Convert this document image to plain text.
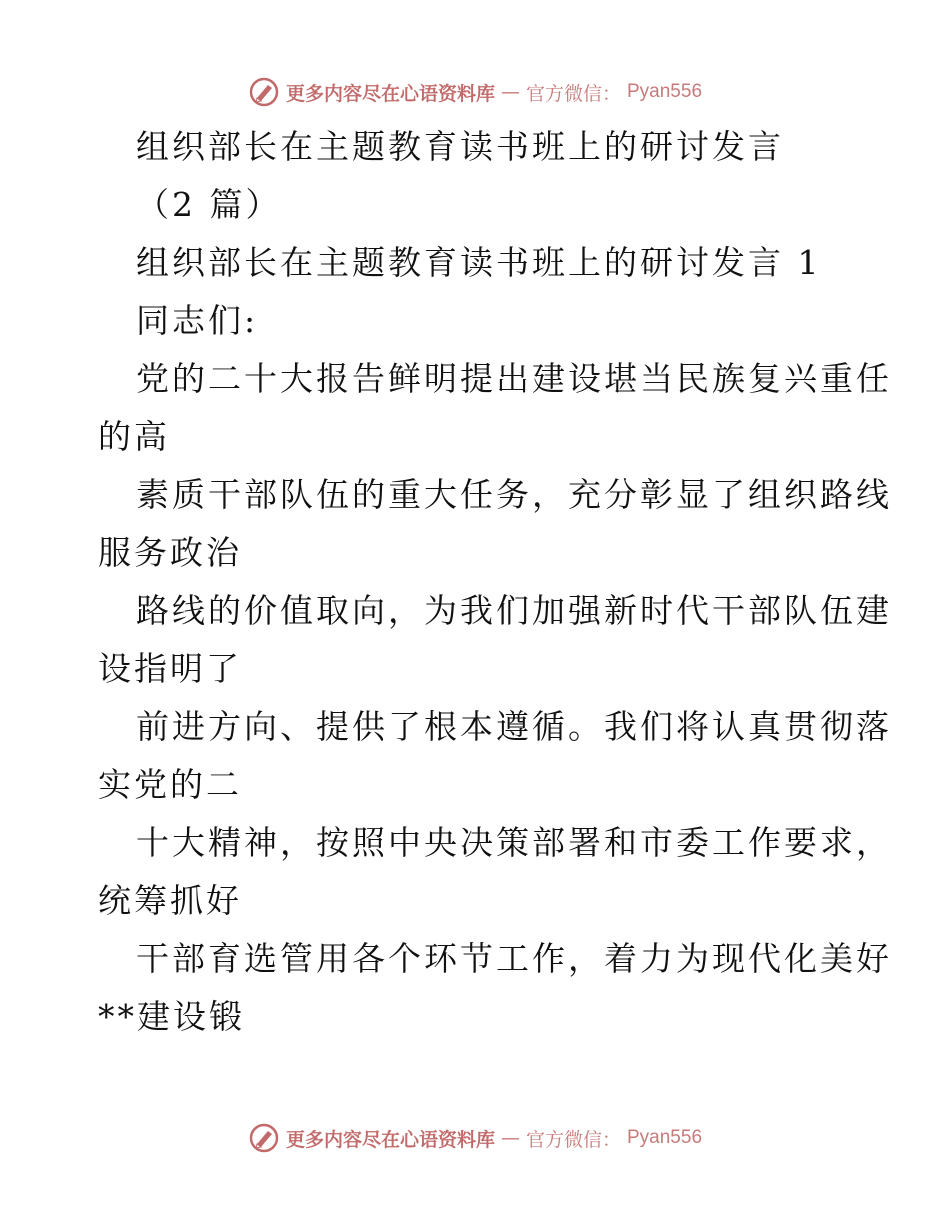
更多内容尽在心语资料库 — 官方微信： Pyan556
组织部长在主题教育读书班上的研讨发言
（2 篇）
组织部长在主题教育读书班上的研讨发言 1
同志们:
党的二十大报告鲜明提出建设堪当民族复兴重任
的高
素质干部队伍的重大任务，充分彰显了组织路线
服务政治
路线的价值取向，为我们加强新时代干部队伍建
设指明了
前进方向、提供了根本遵循。我们将认真贯彻落
实党的二
十大精神，按照中央决策部署和市委工作要求，
统筹抓好
干部育选管用各个环节工作，着力为现代化美好
**建设锻
更多内容尽在心语资料库 — 官方微信： Pyan556
